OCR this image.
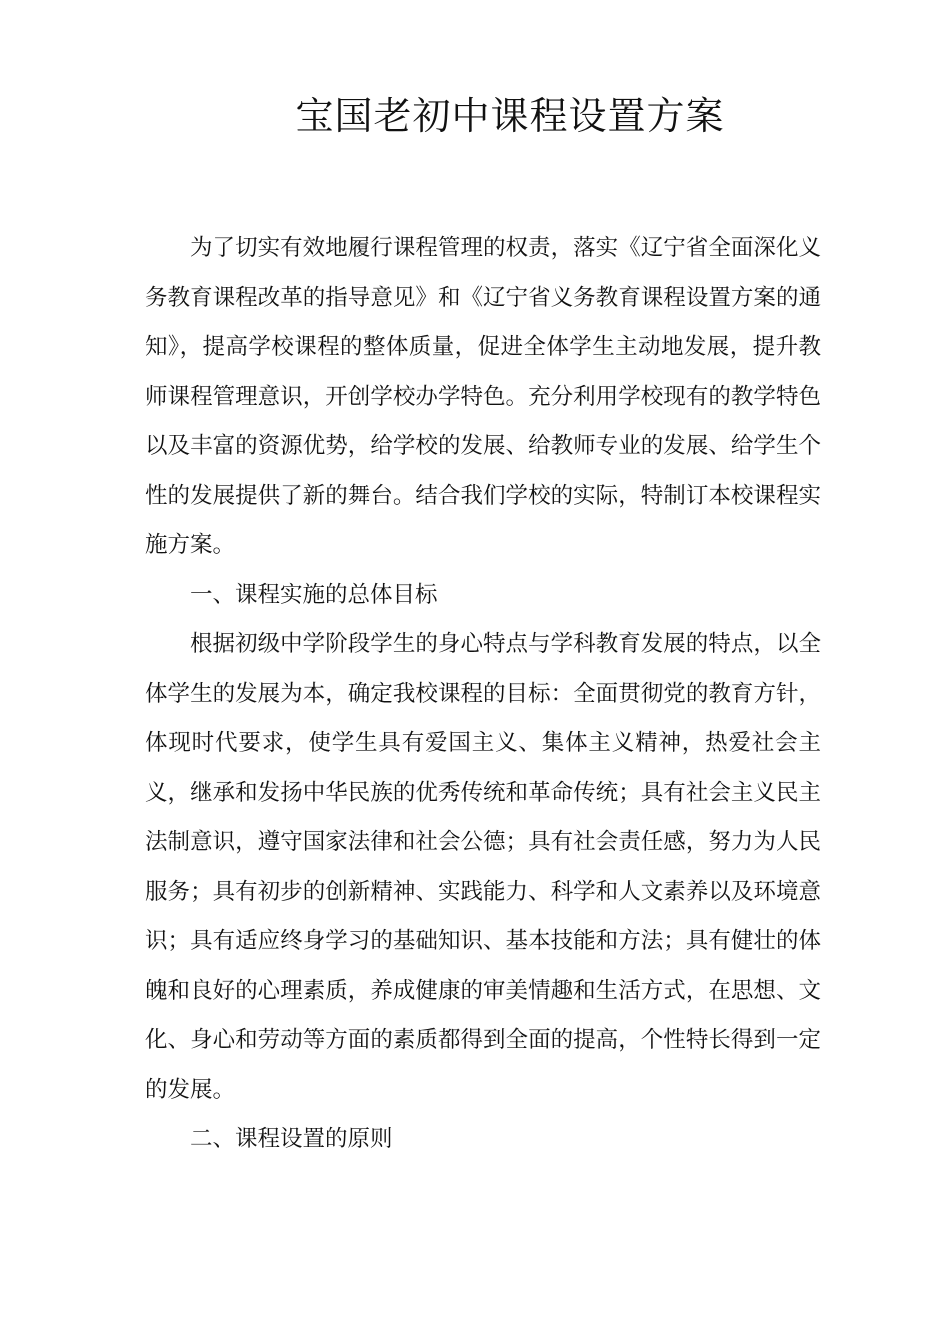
宝国老初中课程设置方案

为了切实有效地履行课程管理的权责，落实《辽宁省全面深化义务教育课程改革的指导意见》和《辽宁省义务教育课程设置方案的通知》，提高学校课程的整体质量，促进全体学生主动地发展，提升教师课程管理意识，开创学校办学特色。充分利用学校现有的教学特色以及丰富的资源优势，给学校的发展、给教师专业的发展、给学生个性的发展提供了新的舞台。结合我们学校的实际，特制订本校课程实施方案。

一、课程实施的总体目标

根据初级中学阶段学生的身心特点与学科教育发展的特点，以全体学生的发展为本，确定我校课程的目标：全面贯彻党的教育方针，体现时代要求，使学生具有爱国主义、集体主义精神，热爱社会主义，继承和发扬中华民族的优秀传统和革命传统；具有社会主义民主法制意识，遵守国家法律和社会公德；具有社会责任感，努力为人民服务；具有初步的创新精神、实践能力、科学和人文素养以及环境意识；具有适应终身学习的基础知识、基本技能和方法；具有健壮的体魄和良好的心理素质，养成健康的审美情趣和生活方式，在思想、文化、身心和劳动等方面的素质都得到全面的提高，个性特长得到一定的发展。

二、课程设置的原则
